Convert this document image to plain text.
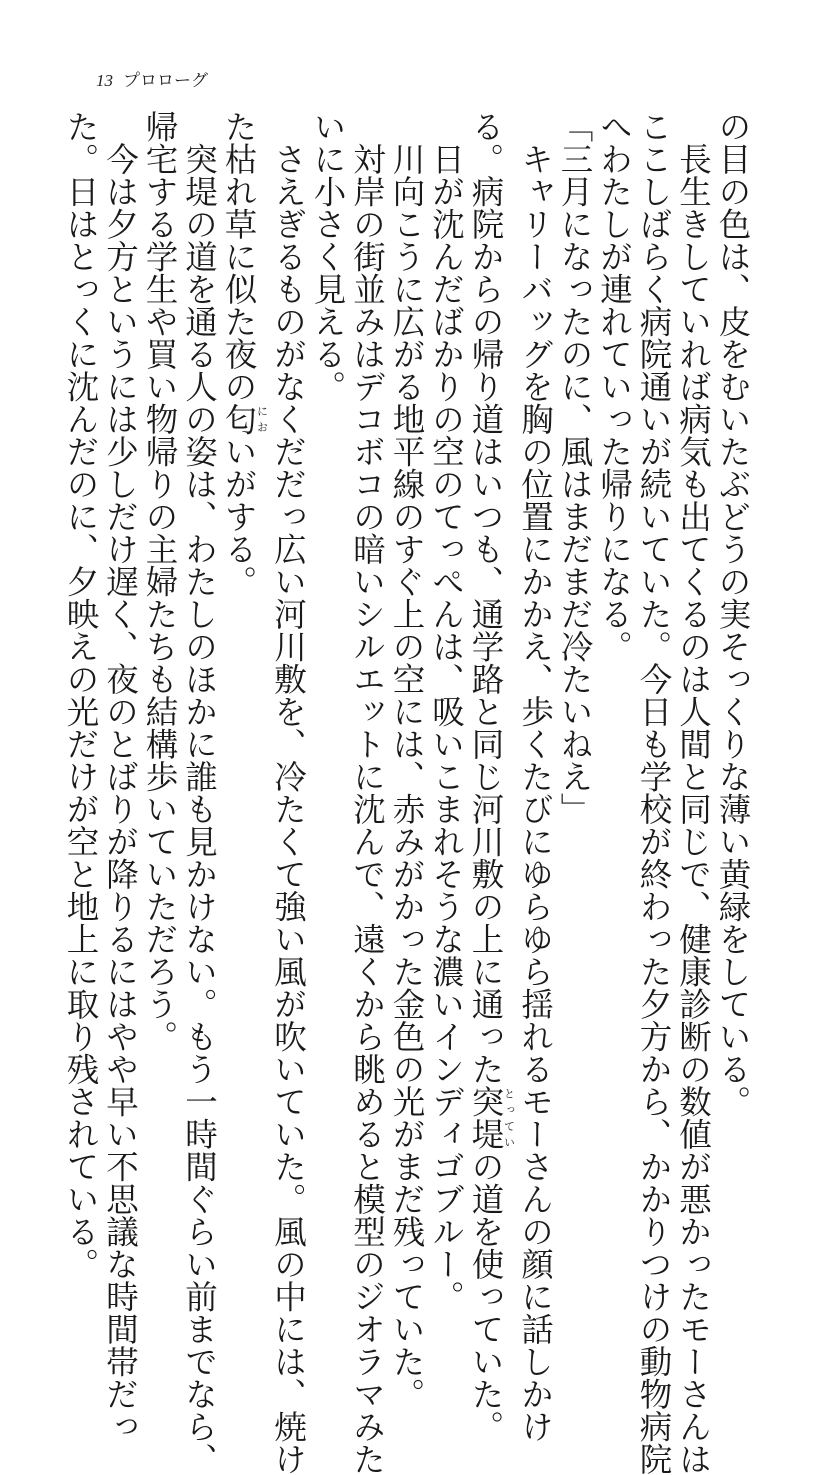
13 プロローグ
の目の色は、皮をむいたぶどうの実そっくりな薄い黄緑をしている。
　長生きしていれば病気も出てくるのは人間と同じで、健康診断の数値が悪かったモーさんは
ここしばらく病院通いが続いていた。今日も学校が終わった夕方から、かかりつけの動物病院
へわたしが連れていった帰りになる。
「三月になったのに、風はまだまだ冷たいねえ」
　キャリーバッグを胸の位置にかかえ、歩くたびにゆらゆら揺れるモーさんの顔に話しかけ
る。病院からの帰り道はいつも、通学路と同じ河川敷の上に通った突堤とっていの道を使っていた。
　日が沈んだばかりの空のてっぺんは、吸いこまれそうな濃いインディゴブルー。
　川向こうに広がる地平線のすぐ上の空には、赤みがかった金色の光がまだ残っていた。
　対岸の街並みはデコボコの暗いシルエットに沈んで、遠くから眺めると模型のジオラマみた
いに小さく見える。
　さえぎるものがなくだだっ広い河川敷を、冷たくて強い風が吹いていた。風の中には、焼け
た枯れ草に似た夜の匂においがする。
　突堤の道を通る人の姿は、わたしのほかに誰も見かけない。もう一時間ぐらい前までなら、
帰宅する学生や買い物帰りの主婦たちも結構歩いていただろう。
　今は夕方というには少しだけ遅く、夜のとばりが降りるにはやや早い不思議な時間帯だっ
た。日はとっくに沈んだのに、夕映えの光だけが空と地上に取り残されている。
